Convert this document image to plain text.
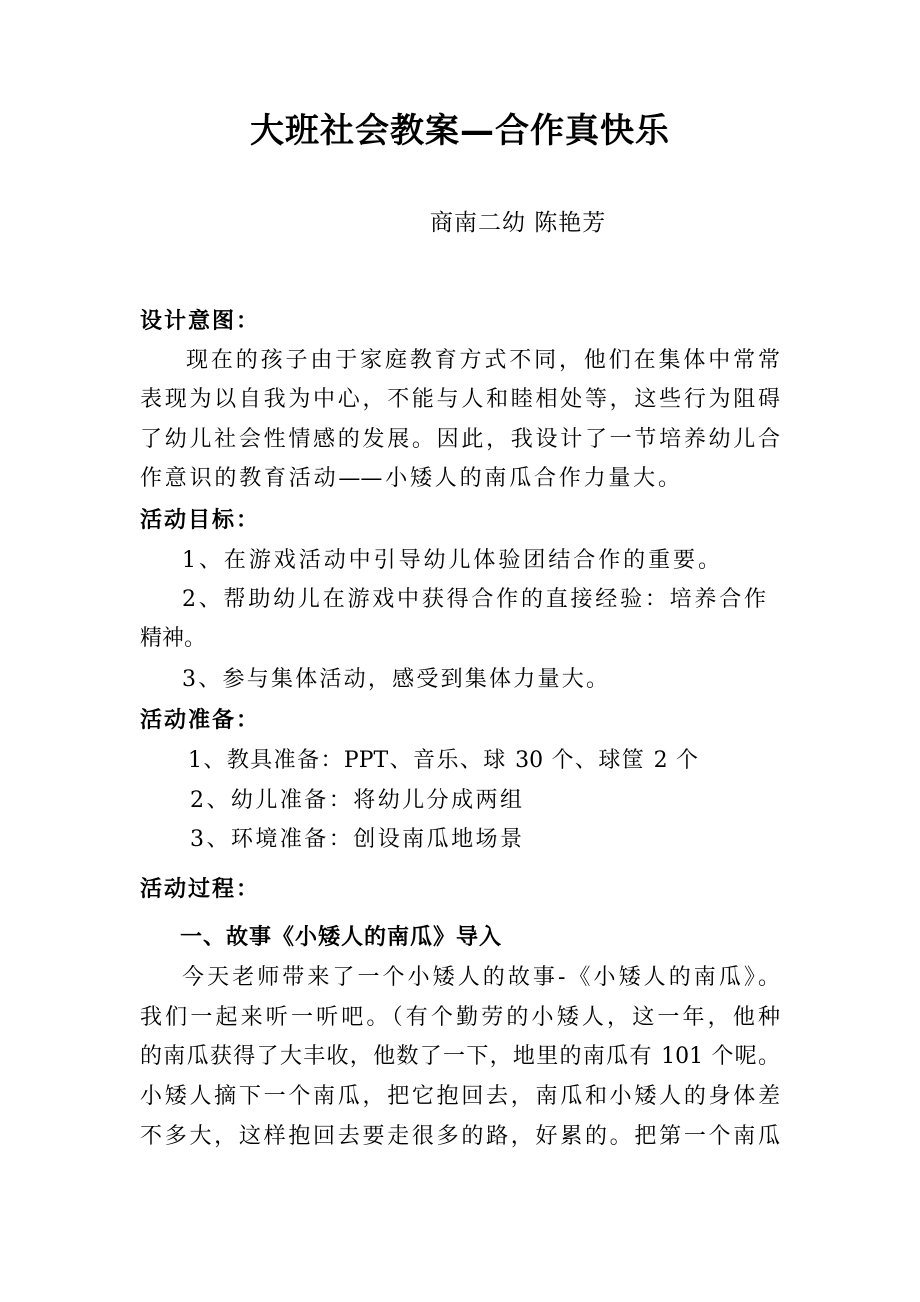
大班社会教案—合作真快乐
商南二幼 陈艳芳
设计意图：
现在的孩子由于家庭教育方式不同，他们在集体中常常
表现为以自我为中心，不能与人和睦相处等，这些行为阻碍
了幼儿社会性情感的发展。因此，我设计了一节培养幼儿合
作意识的教育活动——小矮人的南瓜合作力量大。
活动目标：
1、在游戏活动中引导幼儿体验团结合作的重要。
2、帮助幼儿在游戏中获得合作的直接经验：培养合作
精神。
3、参与集体活动，感受到集体力量大。
活动准备：
1、教具准备：PPT、音乐、球 30 个、球筐 2 个
2、幼儿准备：将幼儿分成两组
3、环境准备：创设南瓜地场景
活动过程：
一、故事《小矮人的南瓜》导入
今天老师带来了一个小矮人的故事-《小矮人的南瓜》。
我们一起来听一听吧。（有个勤劳的小矮人，这一年，他种
的南瓜获得了大丰收，他数了一下，地里的南瓜有 101 个呢。
小矮人摘下一个南瓜，把它抱回去，南瓜和小矮人的身体差
不多大，这样抱回去要走很多的路，好累的。把第一个南瓜
